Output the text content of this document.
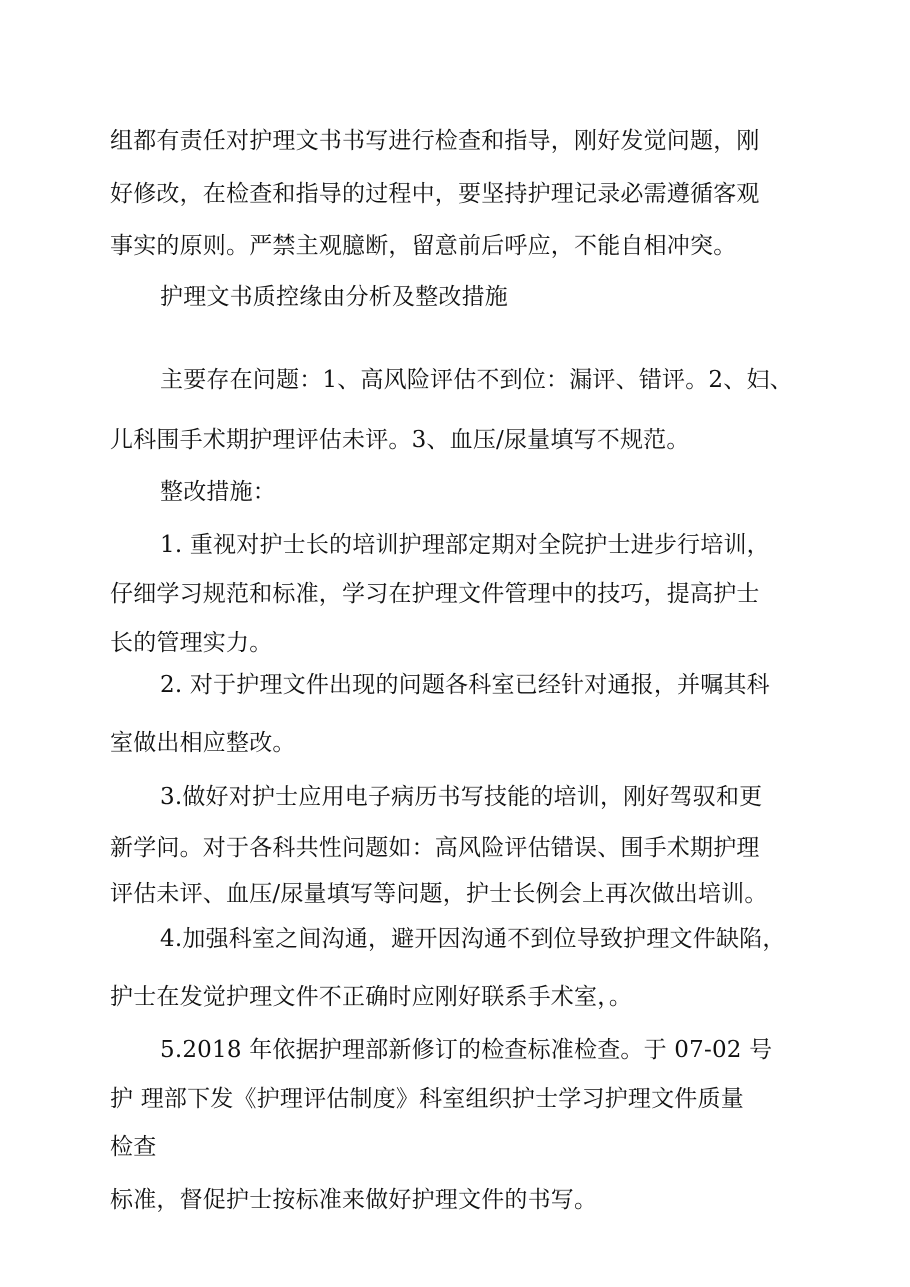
组都有责任对护理文书书写进行检查和指导，刚好发觉问题，刚
好修改，在检查和指导的过程中，要坚持护理记录必需遵循客观
事实的原则。严禁主观臆断，留意前后呼应，不能自相冲突。
护理文书质控缘由分析及整改措施
主要存在问题：1、高风险评估不到位：漏评、错评。2、妇、
儿科围手术期护理评估未评。3、血压/尿量填写不规范。
整改措施：
1. 重视对护士长的培训护理部定期对全院护士进步行培训，
仔细学习规范和标准，学习在护理文件管理中的技巧，提高护士
长的管理实力。
2. 对于护理文件出现的问题各科室已经针对通报，并嘱其科
室做出相应整改。
3.做好对护士应用电子病历书写技能的培训，刚好驾驭和更
新学问。对于各科共性问题如：高风险评估错误、围手术期护理
评估未评、血压/尿量填写等问题，护士长例会上再次做出培训。
4.加强科室之间沟通，避开因沟通不到位导致护理文件缺陷，
护士在发觉护理文件不正确时应刚好联系手术室，。
5.2018 年依据护理部新修订的检查标准检查。于 07-02 号
护 理部下发《护理评估制度》科室组织护士学习护理文件质量
检查
标准，督促护士按标准来做好护理文件的书写。
